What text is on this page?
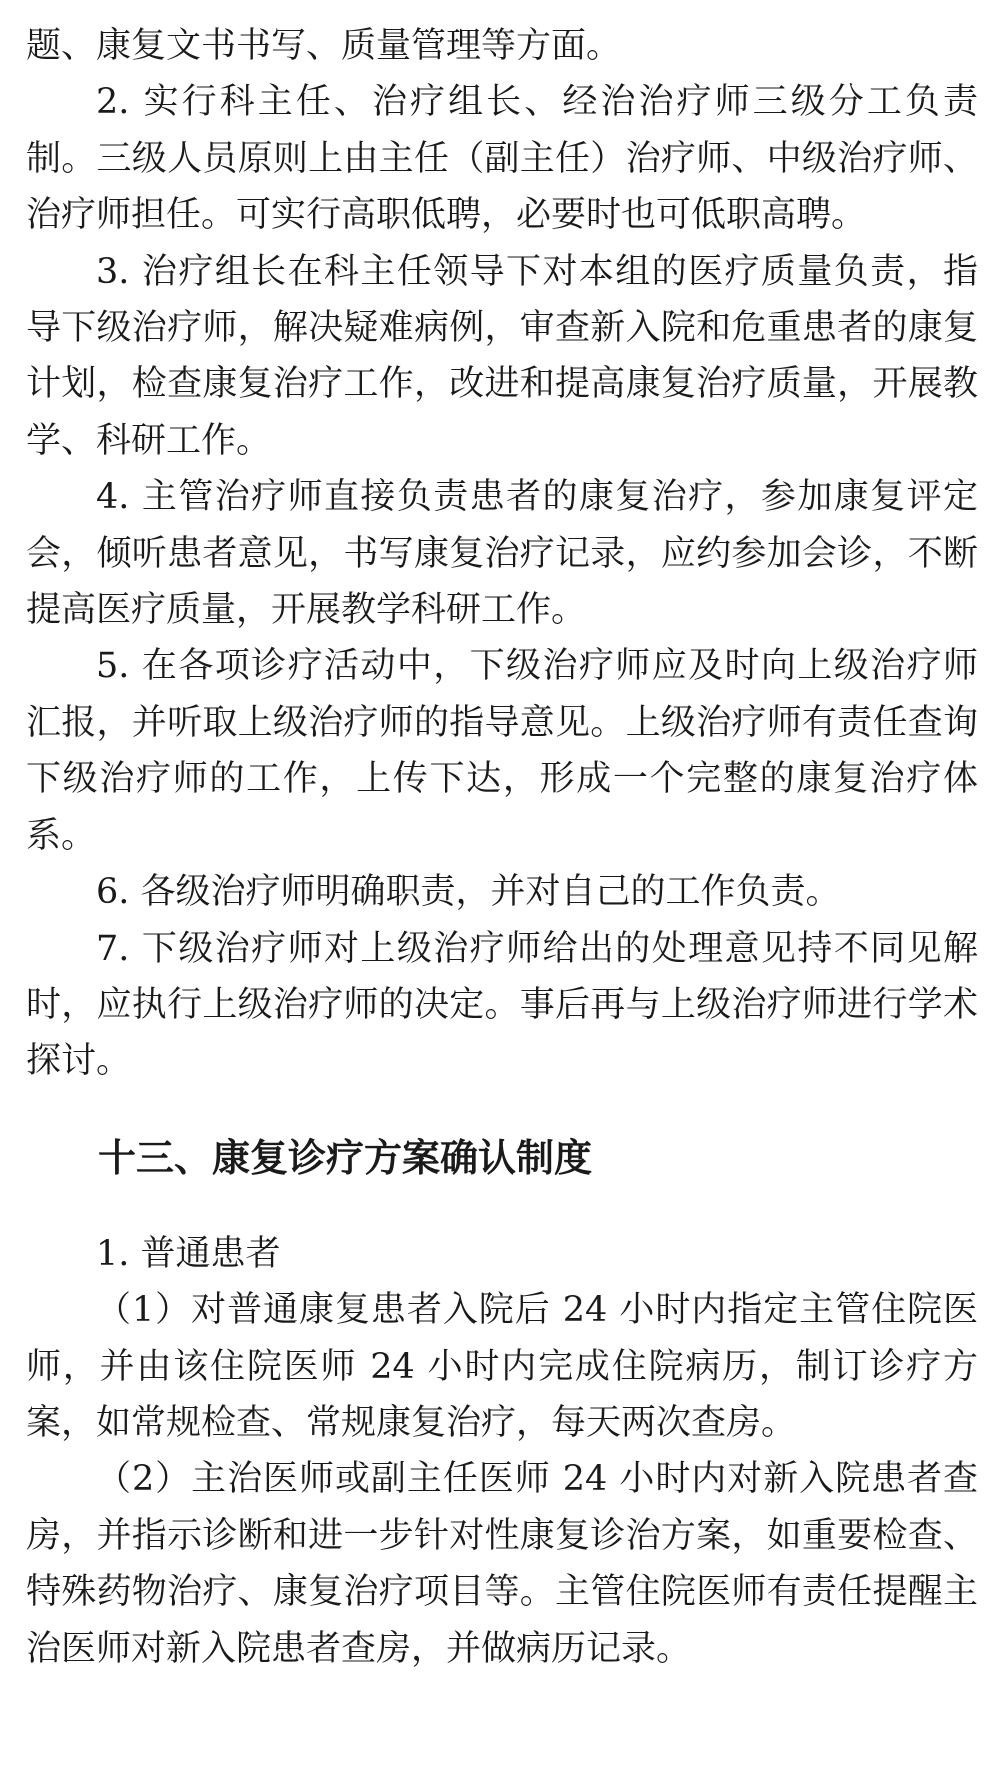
题、康复文书书写、质量管理等方面。

2. 实行科主任、治疗组长、经治治疗师三级分工负责制。三级人员原则上由主任（副主任）治疗师、中级治疗师、治疗师担任。可实行高职低聘，必要时也可低职高聘。

3. 治疗组长在科主任领导下对本组的医疗质量负责，指导下级治疗师，解决疑难病例，审查新入院和危重患者的康复计划，检查康复治疗工作，改进和提高康复治疗质量，开展教学、科研工作。

4. 主管治疗师直接负责患者的康复治疗，参加康复评定会，倾听患者意见，书写康复治疗记录，应约参加会诊，不断提高医疗质量，开展教学科研工作。

5. 在各项诊疗活动中，下级治疗师应及时向上级治疗师汇报，并听取上级治疗师的指导意见。上级治疗师有责任查询下级治疗师的工作，上传下达，形成一个完整的康复治疗体系。

6. 各级治疗师明确职责，并对自己的工作负责。

7. 下级治疗师对上级治疗师给出的处理意见持不同见解时，应执行上级治疗师的决定。事后再与上级治疗师进行学术探讨。

十三、康复诊疗方案确认制度

1. 普通患者

（1）对普通康复患者入院后 24 小时内指定主管住院医师，并由该住院医师 24 小时内完成住院病历，制订诊疗方案，如常规检查、常规康复治疗，每天两次查房。

（2）主治医师或副主任医师 24 小时内对新入院患者查房，并指示诊断和进一步针对性康复诊治方案，如重要检查、特殊药物治疗、康复治疗项目等。主管住院医师有责任提醒主治医师对新入院患者查房，并做病历记录。
